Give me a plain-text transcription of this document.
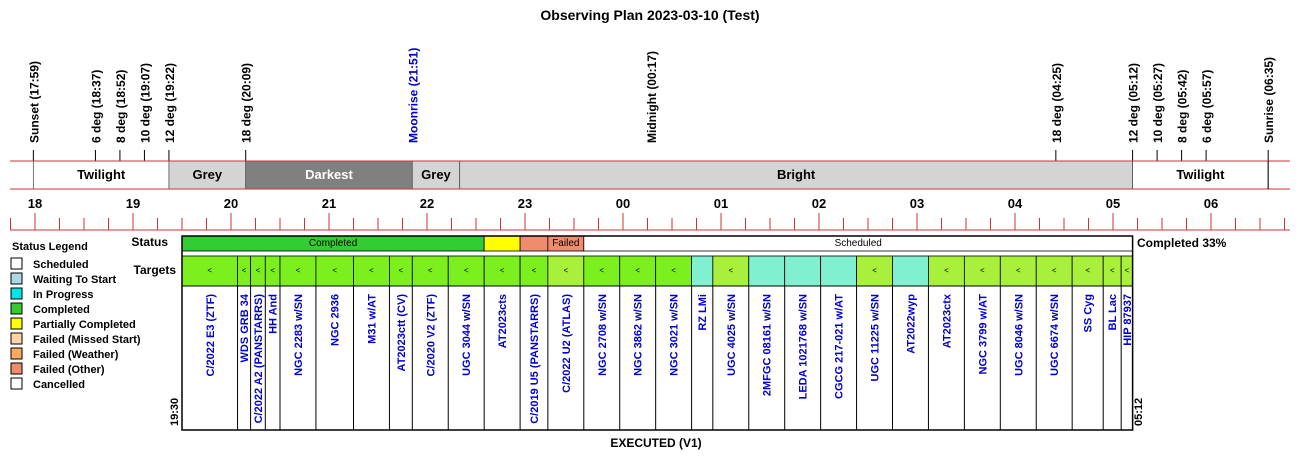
Observing Plan 2023-03-10 (Test)
Sunset (17:59)	6 deg (18:37) 8 deg (18:52) 10 deg (19:07) 12 deg (19:22)	18 deg (20:09)	Moonrise (21:51)	Midnight (00:17)	18 deg (04:25)	12 deg (05:12) 10 deg (05:27) 8 deg (05:42) 6 deg (05:57)	Sunrise (06:35)
Twilight	Grey	Darkest	Grey	Bright	Twilight
18	19	20	21	22	23	00	01	02	03	04	05	06
Status Legend
Scheduled
Waiting To Start
In Progress
Completed
Partially Completed
Failed (Missed Start)
Failed (Weather)
Failed (Other)
Cancelled
Status
Targets
Completed	Failed	Scheduled	Completed 33%
<
C/2022 E3 (ZTF)
<
WDS GRB 34
<
C/2022 A2 (PANSTARRS)
<
HH And
<
NGC 2283 w/SN
<
NGC 2936
<
M31 w/AT
<
AT2023ctt (CV)
<
C/2020 V2 (ZTF)
<
UGC 3044 w/SN
<
AT2023cts
<
C/2019 U5 (PANSTARRS)
<
C/2022 U2 (ATLAS)
<
NGC 2708 w/SN
<
NGC 3862 w/SN
<
NGC 3021 w/SN RZ LMi
<
UGC 4025 w/SN 2MFGC 08161 w/SN LEDA 1021768 w/SN CGCG 217-021 w/AT
<
UGC 11225 w/SN AT2022wyp
<
AT2023ctx
<
NGC 3799 w/AT
<
UGC 8046 w/SN
<
UGC 6674 w/SN
<
SS Cyg
<
BL Lac
<
HIP 87937
19:30	05:12
EXECUTED (V1)
